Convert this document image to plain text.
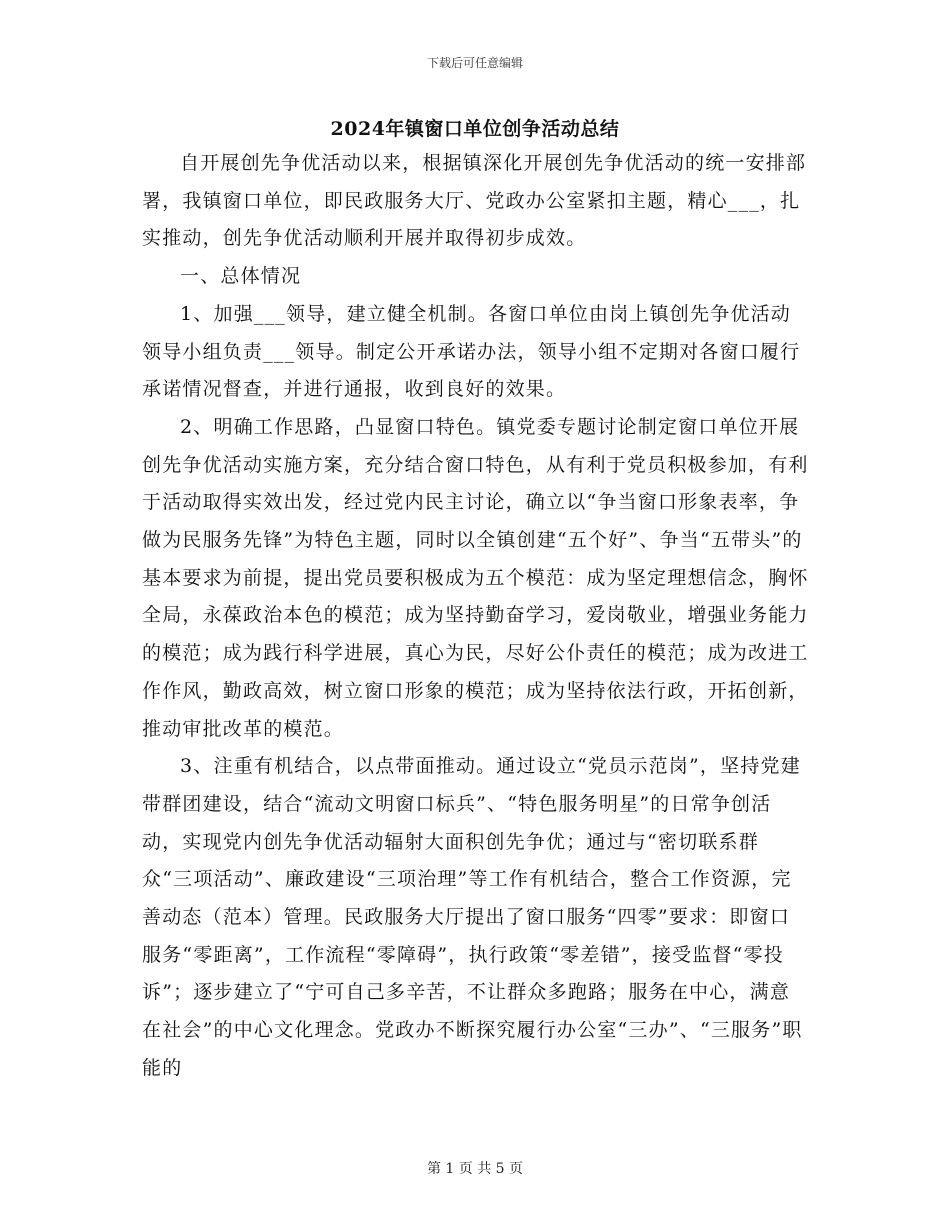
下载后可任意编辑
2024年镇窗口单位创争活动总结

自开展创先争优活动以来，根据镇深化开展创先争优活动的统一安排部署，我镇窗口单位，即民政服务大厅、党政办公室紧扣主题，精心___，扎实推动，创先争优活动顺利开展并取得初步成效。

一、总体情况

1、加强___领导，建立健全机制。各窗口单位由岗上镇创先争优活动领导小组负责___领导。制定公开承诺办法，领导小组不定期对各窗口履行承诺情况督查，并进行通报，收到良好的效果。

2、明确工作思路，凸显窗口特色。镇党委专题讨论制定窗口单位开展创先争优活动实施方案，充分结合窗口特色，从有利于党员积极参加，有利于活动取得实效出发，经过党内民主讨论，确立以“争当窗口形象表率，争做为民服务先锋”为特色主题，同时以全镇创建“五个好”、争当“五带头”的基本要求为前提，提出党员要积极成为五个模范：成为坚定理想信念，胸怀全局，永葆政治本色的模范；成为坚持勤奋学习，爱岗敬业，增强业务能力的模范；成为践行科学进展，真心为民，尽好公仆责任的模范；成为改进工作作风，勤政高效，树立窗口形象的模范；成为坚持依法行政，开拓创新，推动审批改革的模范。

3、注重有机结合，以点带面推动。通过设立“党员示范岗”，坚持党建带群团建设，结合“流动文明窗口标兵”、“特色服务明星”的日常争创活动，实现党内创先争优活动辐射大面积创先争优；通过与“密切联系群众“三项活动”、廉政建设“三项治理”等工作有机结合，整合工作资源，完善动态（范本）管理。民政服务大厅提出了窗口服务“四零”要求：即窗口服务“零距离”，工作流程“零障碍”，执行政策“零差错”，接受监督“零投诉”；逐步建立了“宁可自己多辛苦，不让群众多跑路；服务在中心，满意在社会”的中心文化理念。党政办不断探究履行办公室“三办”、“三服务”职能的

第 1 页 共 5 页
